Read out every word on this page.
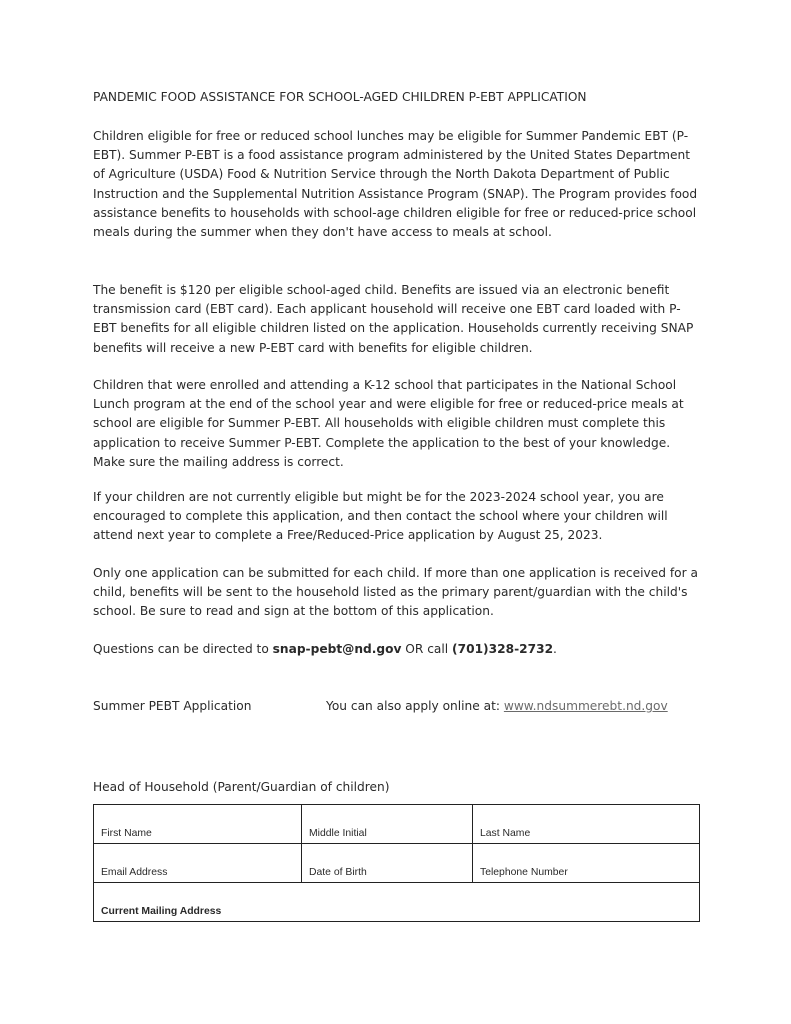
PANDEMIC FOOD ASSISTANCE FOR SCHOOL-AGED CHILDREN P-EBT APPLICATION

Children eligible for free or reduced school lunches may be eligible for Summer Pandemic EBT (P-EBT). Summer P-EBT is a food assistance program administered by the United States Department of Agriculture (USDA) Food & Nutrition Service through the North Dakota Department of Public Instruction and the Supplemental Nutrition Assistance Program (SNAP). The Program provides food assistance benefits to households with school-age children eligible for free or reduced-price school meals during the summer when they don't have access to meals at school.

The benefit is $120 per eligible school-aged child. Benefits are issued via an electronic benefit transmission card (EBT card). Each applicant household will receive one EBT card loaded with P-EBT benefits for all eligible children listed on the application. Households currently receiving SNAP benefits will receive a new P-EBT card with benefits for eligible children.

Children that were enrolled and attending a K-12 school that participates in the National School Lunch program at the end of the school year and were eligible for free or reduced-price meals at school are eligible for Summer P-EBT. All households with eligible children must complete this application to receive Summer P-EBT. Complete the application to the best of your knowledge. Make sure the mailing address is correct.

If your children are not currently eligible but might be for the 2023-2024 school year, you are encouraged to complete this application, and then contact the school where your children will attend next year to complete a Free/Reduced-Price application by August 25, 2023.

Only one application can be submitted for each child. If more than one application is received for a child, benefits will be sent to the household listed as the primary parent/guardian with the child's school. Be sure to read and sign at the bottom of this application.

Questions can be directed to snap-pebt@nd.gov OR call (701)328-2732.

Summer PEBT Application	You can also apply online at: www.ndsummerebt.nd.gov
Head of Household (Parent/Guardian of children)
First Name	Middle Initial	Last Name
Email Address	Date of Birth	Telephone Number
Current Mailing Address		
